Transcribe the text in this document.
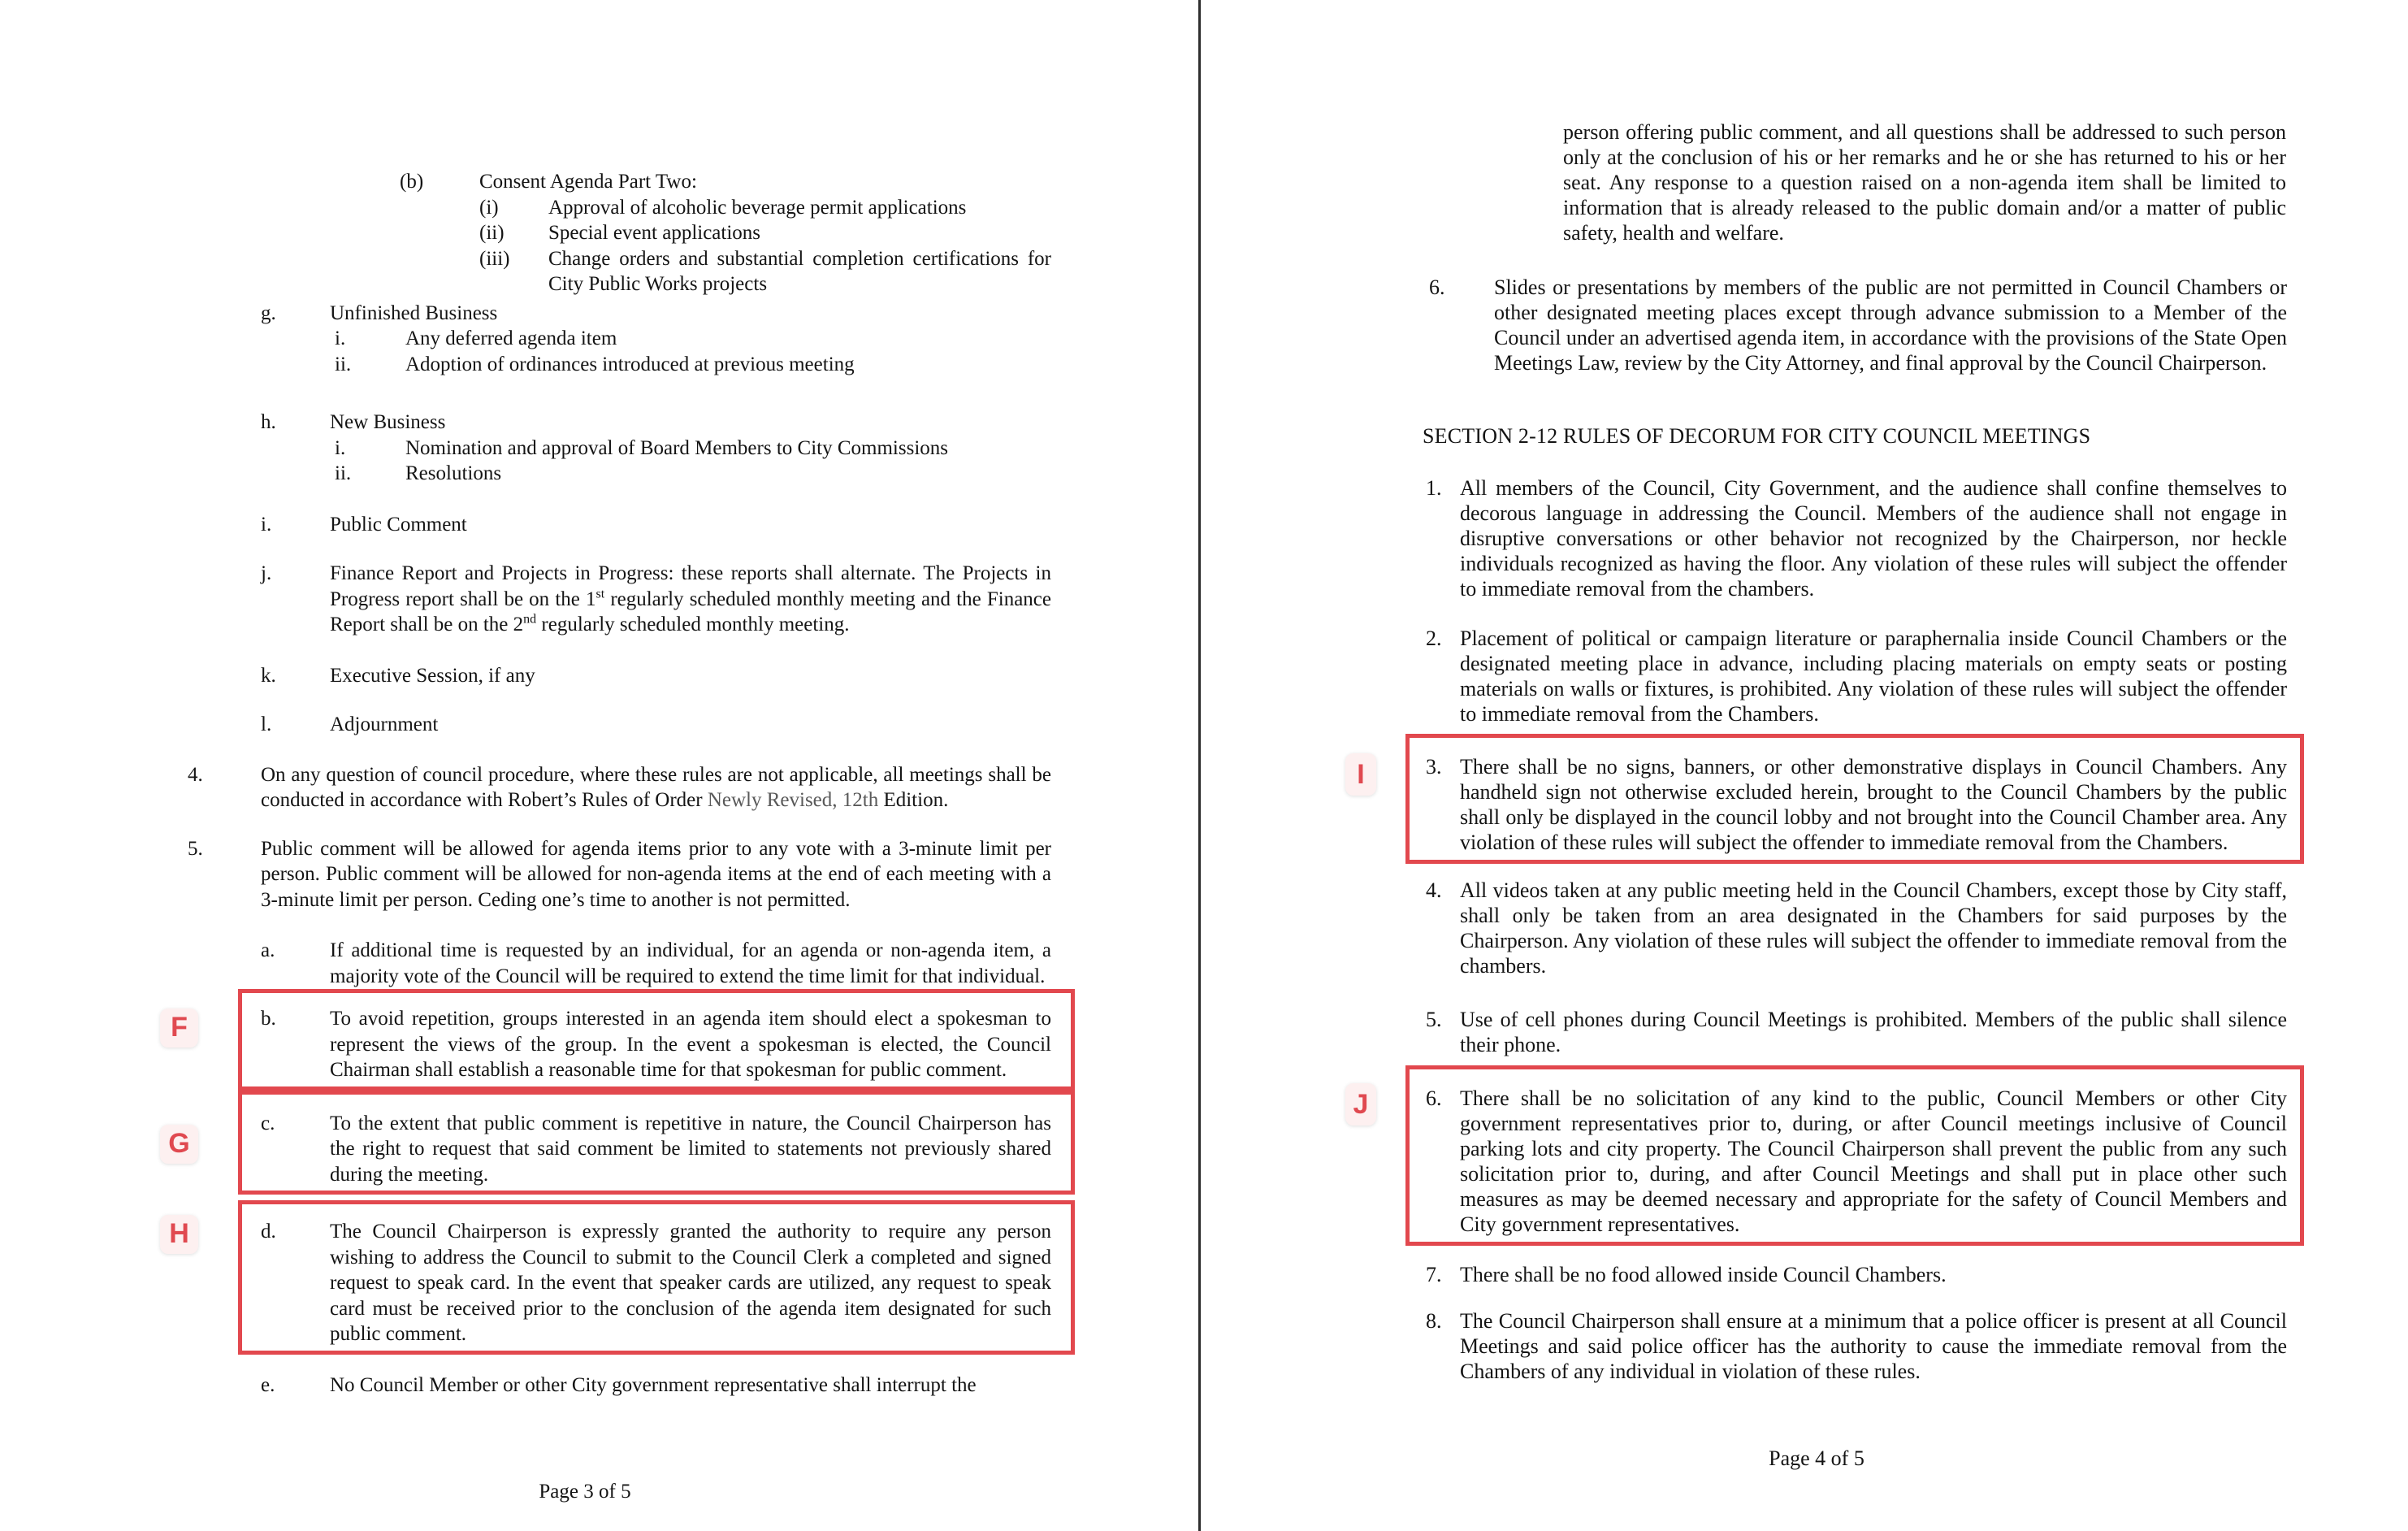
(b)	Consent Agenda Part Two:
(i) Approval of alcoholic beverage permit applications
(ii) Special event applications
(iii) Change orders and substantial completion certifications for City Public Works projects
g.	Unfinished Business
i.	Any deferred agenda item
ii.	Adoption of ordinances introduced at previous meeting
h.	New Business
i.	Nomination and approval of Board Members to City Commissions
ii.	Resolutions
i.	Public Comment
j.	Finance Report and Projects in Progress: these reports shall alternate. The Projects in Progress report shall be on the 1st regularly scheduled monthly meeting and the Finance Report shall be on the 2nd regularly scheduled monthly meeting.
k.	Executive Session, if any
l.	Adjournment
4.	On any question of council procedure, where these rules are not applicable, all meetings shall be conducted in accordance with Robert’s Rules of Order Newly Revised, 12th Edition.
5.	Public comment will be allowed for agenda items prior to any vote with a 3-minute limit per person. Public comment will be allowed for non-agenda items at the end of each meeting with a 3-minute limit per person. Ceding one’s time to another is not permitted.
a.	If additional time is requested by an individual, for an agenda or non-agenda item, a majority vote of the Council will be required to extend the time limit for that individual.
F	b.	To avoid repetition, groups interested in an agenda item should elect a spokesman to represent the views of the group. In the event a spokesman is elected, the Council Chairman shall establish a reasonable time for that spokesman for public comment.
G
c.	To the extent that public comment is repetitive in nature, the Council Chairperson has the right to request that said comment be limited to statements not previously shared during the meeting.
H	d.	The Council Chairperson is expressly granted the authority to require any person wishing to address the Council to submit to the Council Clerk a completed and signed request to speak card. In the event that speaker cards are utilized, any request to speak card must be received prior to the conclusion of the agenda item designated for such public comment.
e.	No Council Member or other City government representative shall interrupt the
Page 3 of 5
person offering public comment, and all questions shall be addressed to such person only at the conclusion of his or her remarks and he or she has returned to his or her seat. Any response to a question raised on a non-agenda item shall be limited to information that is already released to the public domain and/or a matter of public safety, health and welfare.
6. Slides or presentations by members of the public are not permitted in Council Chambers or other designated meeting places except through advance submission to a Member of the Council under an advertised agenda item, in accordance with the provisions of the State Open Meetings Law, review by the City Attorney, and final approval by the Council Chairperson.
SECTION 2-12 RULES OF DECORUM FOR CITY COUNCIL MEETINGS
1. All members of the Council, City Government, and the audience shall confine themselves to decorous language in addressing the Council. Members of the audience shall not engage in disruptive conversations or other behavior not recognized by the Chairperson, nor heckle individuals recognized as having the floor. Any violation of these rules will subject the offender to immediate removal from the chambers.
2. Placement of political or campaign literature or paraphernalia inside Council Chambers or the designated meeting place in advance, including placing materials on empty seats or posting materials on walls or fixtures, is prohibited. Any violation of these rules will subject the offender to immediate removal from the Chambers.
I	3. There shall be no signs, banners, or other demonstrative displays in Council Chambers. Any handheld sign not otherwise excluded herein, brought to the Council Chambers by the public shall only be displayed in the council lobby and not brought into the Council Chamber area. Any violation of these rules will subject the offender to immediate removal from the Chambers.
4. All videos taken at any public meeting held in the Council Chambers, except those by City staff, shall only be taken from an area designated in the Chambers for said purposes by the Chairperson. Any violation of these rules will subject the offender to immediate removal from the chambers.
5. Use of cell phones during Council Meetings is prohibited. Members of the public shall silence their phone.
J	6. There shall be no solicitation of any kind to the public, Council Members or other City government representatives prior to, during, or after Council meetings inclusive of Council parking lots and city property. The Council Chairperson shall prevent the public from any such solicitation prior to, during, and after Council Meetings and shall put in place other such measures as may be deemed necessary and appropriate for the safety of Council Members and City government representatives.
7. There shall be no food allowed inside Council Chambers.
8. The Council Chairperson shall ensure at a minimum that a police officer is present at all Council Meetings and said police officer has the authority to cause the immediate removal from the Chambers of any individual in violation of these rules.
Page 4 of 5
